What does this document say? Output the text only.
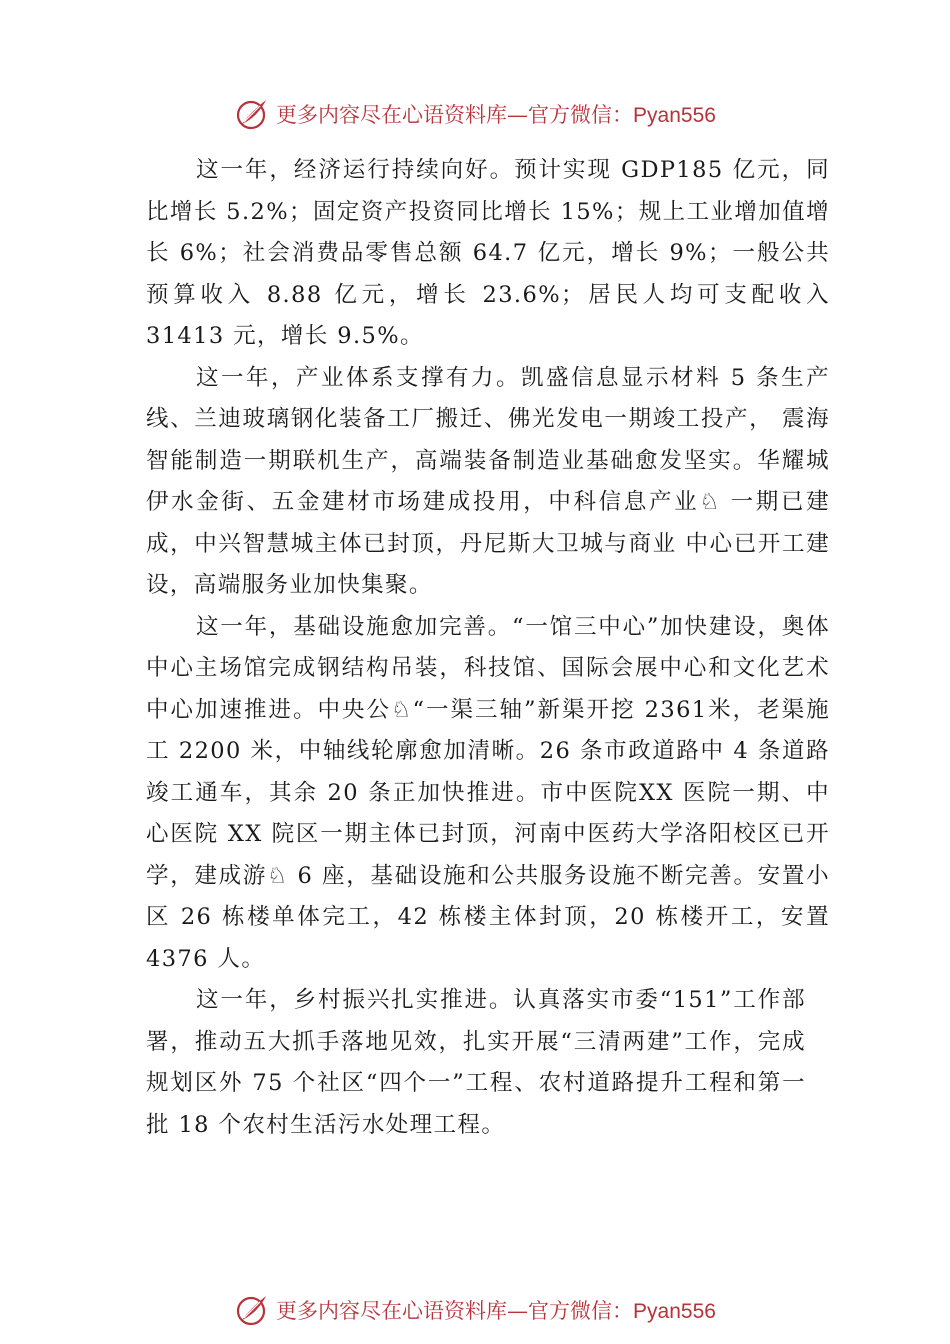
更多内容尽在心语资料库—官方微信：Pyan556

这一年，经济运行持续向好。预计实现 GDP185 亿元，同比增长 5.2%；固定资产投资同比增长 15%；规上工业增加值增长 6%；社会消费品零售总额 64.7 亿元，增长 9%；一般公共预算收入 8.88 亿元，增长 23.6%；居民人均可支配收入 31413 元，增长 9.5%。

这一年，产业体系支撑有力。凯盛信息显示材料 5 条生产线、兰迪玻璃钢化装备工厂搬迁、佛光发电一期竣工投产， 震海智能制造一期联机生产，高端装备制造业基础愈发坚实。华耀城伊水金街、五金建材市场建成投用，中科信息产业♘ 一期已建成，中兴智慧城主体已封顶，丹尼斯大卫城与商业 中心已开工建设，高端服务业加快集聚。

这一年，基础设施愈加完善。“一馆三中心”加快建设，奥体中心主场馆完成钢结构吊装，科技馆、国际会展中心和文化艺术中心加速推进。中央公♘“一渠三轴”新渠开挖 2361米，老渠施工 2200 米，中轴线轮廓愈加清晰。26 条市政道路中 4 条道路竣工通车，其余 20 条正加快推进。市中医院XX 医院一期、中心医院 XX 院区一期主体已封顶，河南中医药大学洛阳校区已开学，建成游♘ 6 座，基础设施和公共服务设施不断完善。安置小区 26 栋楼单体完工，42 栋楼主体封顶，20 栋楼开工，安置 4376 人。

这一年，乡村振兴扎实推进。认真落实市委“151”工作部署，推动五大抓手落地见效，扎实开展“三清两建”工作，完成规划区外 75 个社区“四个一”工程、农村道路提升工程和第一批 18 个农村生活污水处理工程。

更多内容尽在心语资料库—官方微信：Pyan556
